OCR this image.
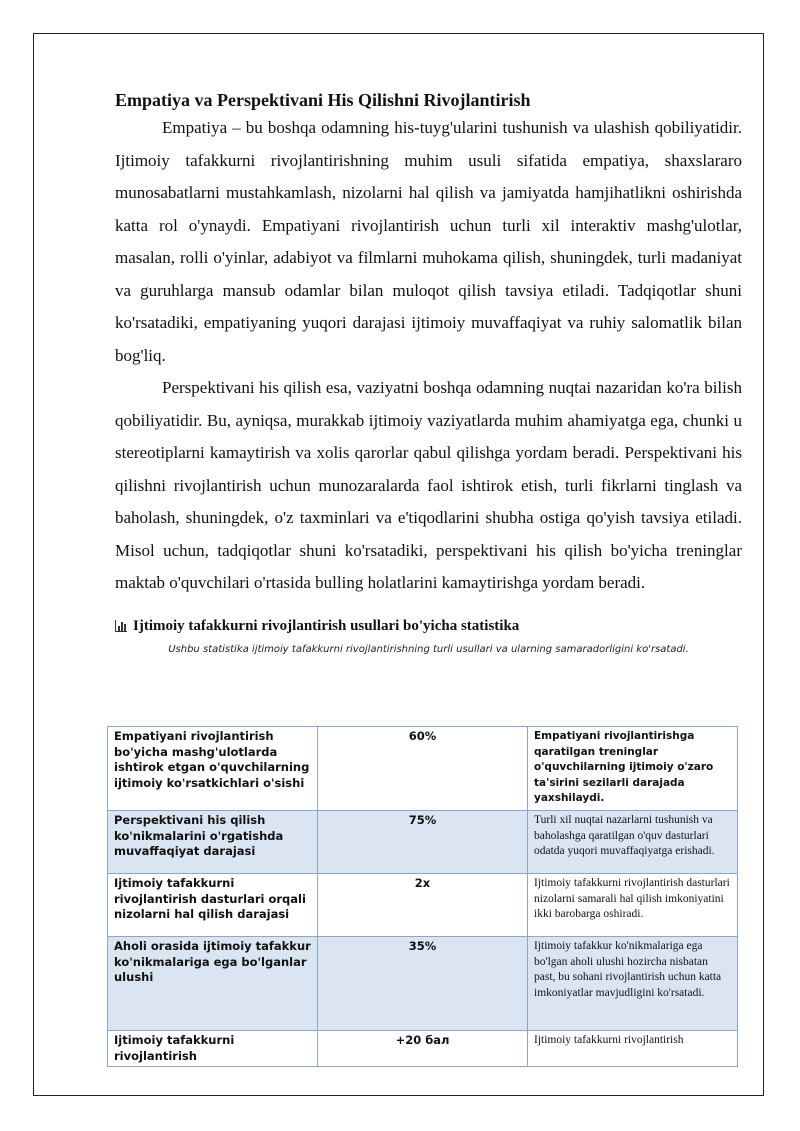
Empatiya va Perspektivani His Qilishni Rivojlantirish

Empatiya – bu boshqa odamning his-tuyg'ularini tushunish va ulashish qobiliyatidir. Ijtimoiy tafakkurni rivojlantirishning muhim usuli sifatida empatiya, shaxslararo munosabatlarni mustahkamlash, nizolarni hal qilish va jamiyatda hamjihatlikni oshirishda katta rol o'ynaydi. Empatiyani rivojlantirish uchun turli xil interaktiv mashg'ulotlar, masalan, rolli o'yinlar, adabiyot va filmlarni muhokama qilish, shuningdek, turli madaniyat va guruhlarga mansub odamlar bilan muloqot qilish tavsiya etiladi. Tadqiqotlar shuni ko'rsatadiki, empatiyaning yuqori darajasi ijtimoiy muvaffaqiyat va ruhiy salomatlik bilan bog'liq.

Perspektivani his qilish esa, vaziyatni boshqa odamning nuqtai nazaridan ko'ra bilish qobiliyatidir. Bu, ayniqsa, murakkab ijtimoiy vaziyatlarda muhim ahamiyatga ega, chunki u stereotiplarni kamaytirish va xolis qarorlar qabul qilishga yordam beradi. Perspektivani his qilishni rivojlantirish uchun munozaralarda faol ishtirok etish, turli fikrlarni tinglash va baholash, shuningdek, o'z taxminlari va e'tiqodlarini shubha ostiga qo'yish tavsiya etiladi. Misol uchun, tadqiqotlar shuni ko'rsatadiki, perspektivani his qilish bo'yicha treninglar maktab o'quvchilari o'rtasida bulling holatlarini kamaytirishga yordam beradi.

Ijtimoiy tafakkurni rivojlantirish usullari bo'yicha statistika
Ushbu statistika ijtimoiy tafakkurni rivojlantirishning turli usullari va ularning samaradorligini ko'rsatadi.
Empatiyani rivojlantirish bo'yicha mashg'ulotlarda ishtirok etgan o'quvchilarning ijtimoiy ko'rsatkichlari o'sishi	60%	Empatiyani rivojlantirishga qaratilgan treninglar o'quvchilarning ijtimoiy o'zaro ta'sirini sezilarli darajada yaxshilaydi.
Perspektivani his qilish ko'nikmalarini o'rgatishda muvaffaqiyat darajasi	75%	Turli xil nuqtai nazarlarni tushunish va baholashga qaratilgan o'quv dasturlari odatda yuqori muvaffaqiyatga erishadi.
Ijtimoiy tafakkurni rivojlantirish dasturlari orqali nizolarni hal qilish darajasi	2x	Ijtimoiy tafakkurni rivojlantirish dasturlari nizolarni samarali hal qilish imkoniyatini ikki barobarga oshiradi.
Aholi orasida ijtimoiy tafakkur ko'nikmalariga ega bo'lganlar ulushi	35%	Ijtimoiy tafakkur ko'nikmalariga ega bo'lgan aholi ulushi hozircha nisbatan past, bu sohani rivojlantirish uchun katta imkoniyatlar mavjudligini ko'rsatadi.
Ijtimoiy tafakkurni rivojlantirish	+20 бал	Ijtimoiy tafakkurni rivojlantirish
